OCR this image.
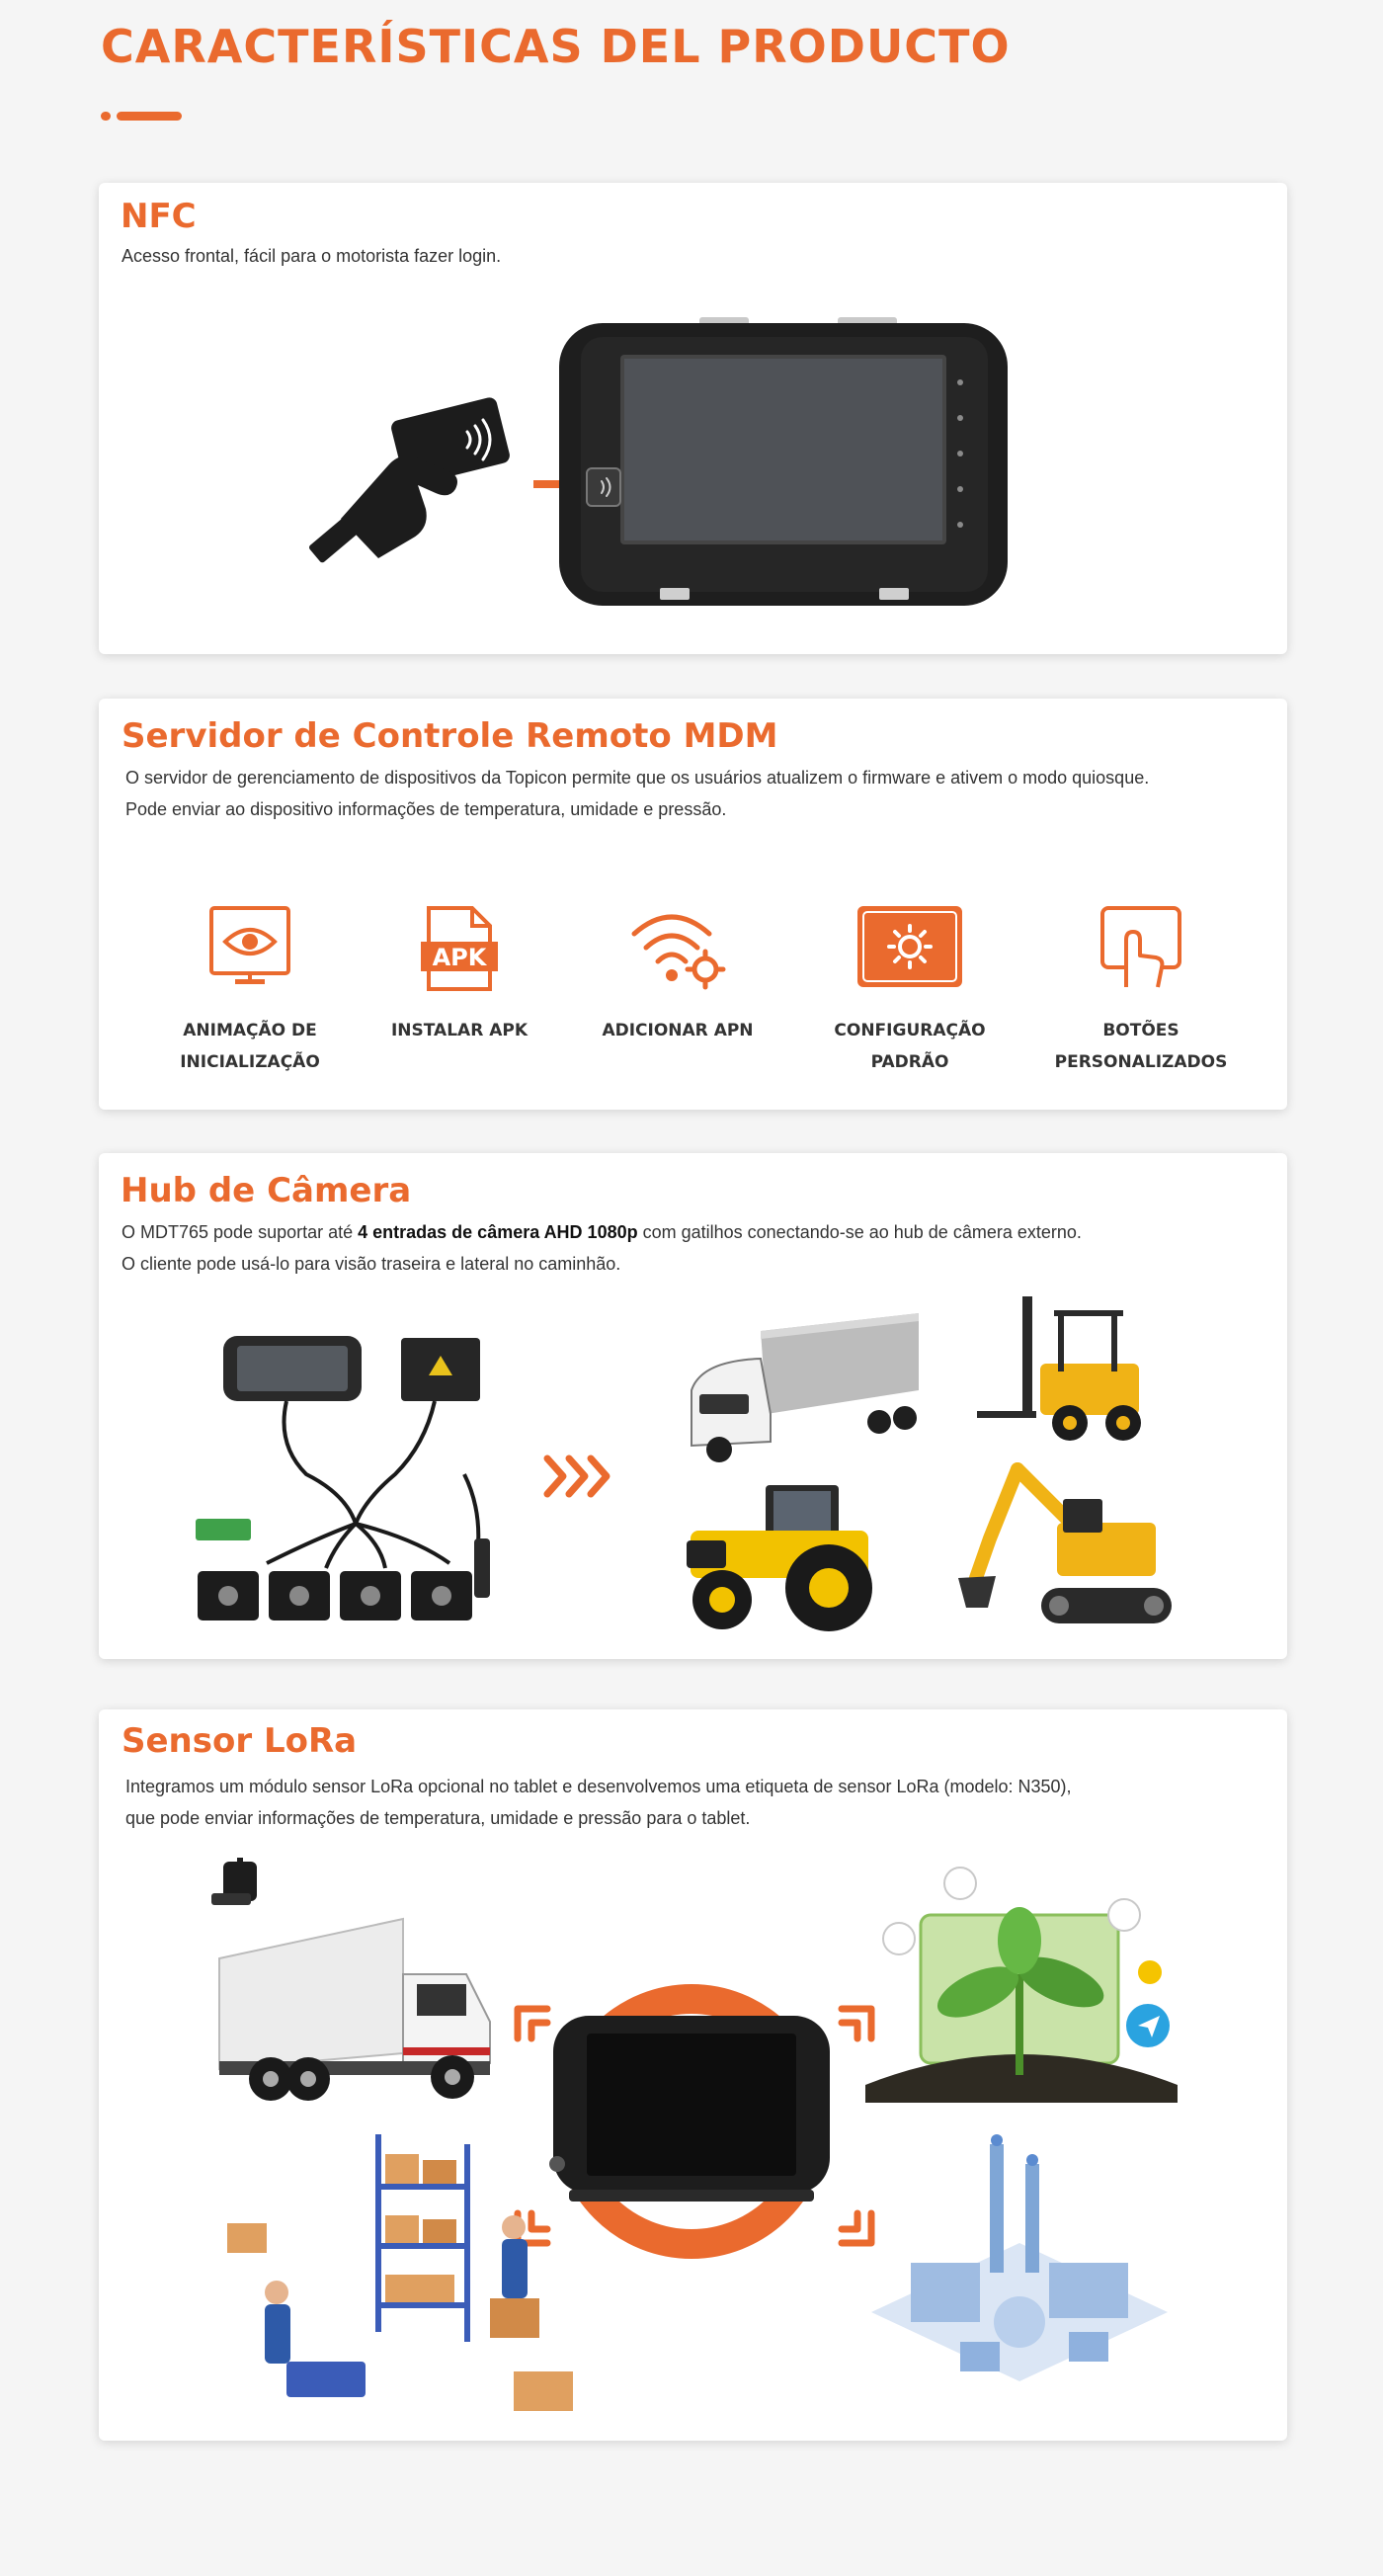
CARACTERÍSTICAS DEL PRODUCTO
NFC

Acesso frontal, fácil para o motorista fazer login.

Servidor de Controle Remoto MDM

O servidor de gerenciamento de dispositivos da Topicon permite que os usuários atualizem o firmware e ativem o modo quiosque.

Pode enviar ao dispositivo informações de temperatura, umidade e pressão.

ANIMAÇÃO DE
INICIALIZAÇÃO
APK
INSTALAR APK	ADICIONAR APN	CONFIGURAÇÃO
PADRÃO
BOTÕES
PERSONALIZADOS
Hub de Câmera

O MDT765 pode suportar até 4 entradas de câmera AHD 1080p com gatilhos conectando-se ao hub de câmera externo.

O cliente pode usá-lo para visão traseira e lateral no caminhão.

Sensor LoRa

Integramos um módulo sensor LoRa opcional no tablet e desenvolvemos uma etiqueta de sensor LoRa (modelo: N350),

que pode enviar informações de temperatura, umidade e pressão para o tablet.
